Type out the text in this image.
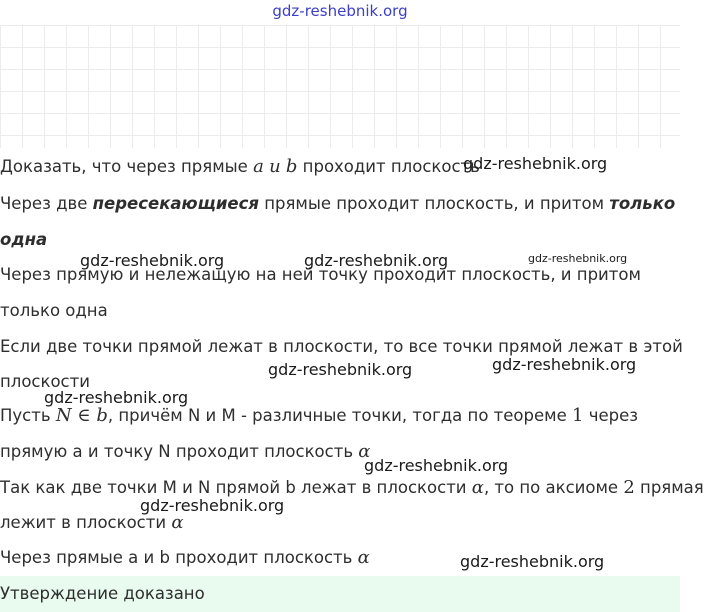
gdz-reshebnik.org
Доказать, что через прямые a и b проходит плоскость
Через две пересекающиеся прямые проходит плоскость, и притом только
одна
Через прямую и нележащую на ней точку проходит плоскость, и притом
только одна
Если две точки прямой лежат в плоскости, то все точки прямой лежат в этой
плоскости
Пусть N ∈ b, причём N и M - различные точки, тогда по теореме 1 через
прямую a и точку N проходит плоскость α
Так как две точки M и N прямой b лежат в плоскости α, то по аксиоме 2 прямая
лежит в плоскости α
Через прямые a и b проходит плоскость α
Утверждение доказано
gdz-reshebnik.org
gdz-reshebnik.org	gdz-reshebnik.org	gdz-reshebnik.org
gdz-reshebnik.org	gdz-reshebnik.org
gdz-reshebnik.org
gdz-reshebnik.org
gdz-reshebnik.org
gdz-reshebnik.org
